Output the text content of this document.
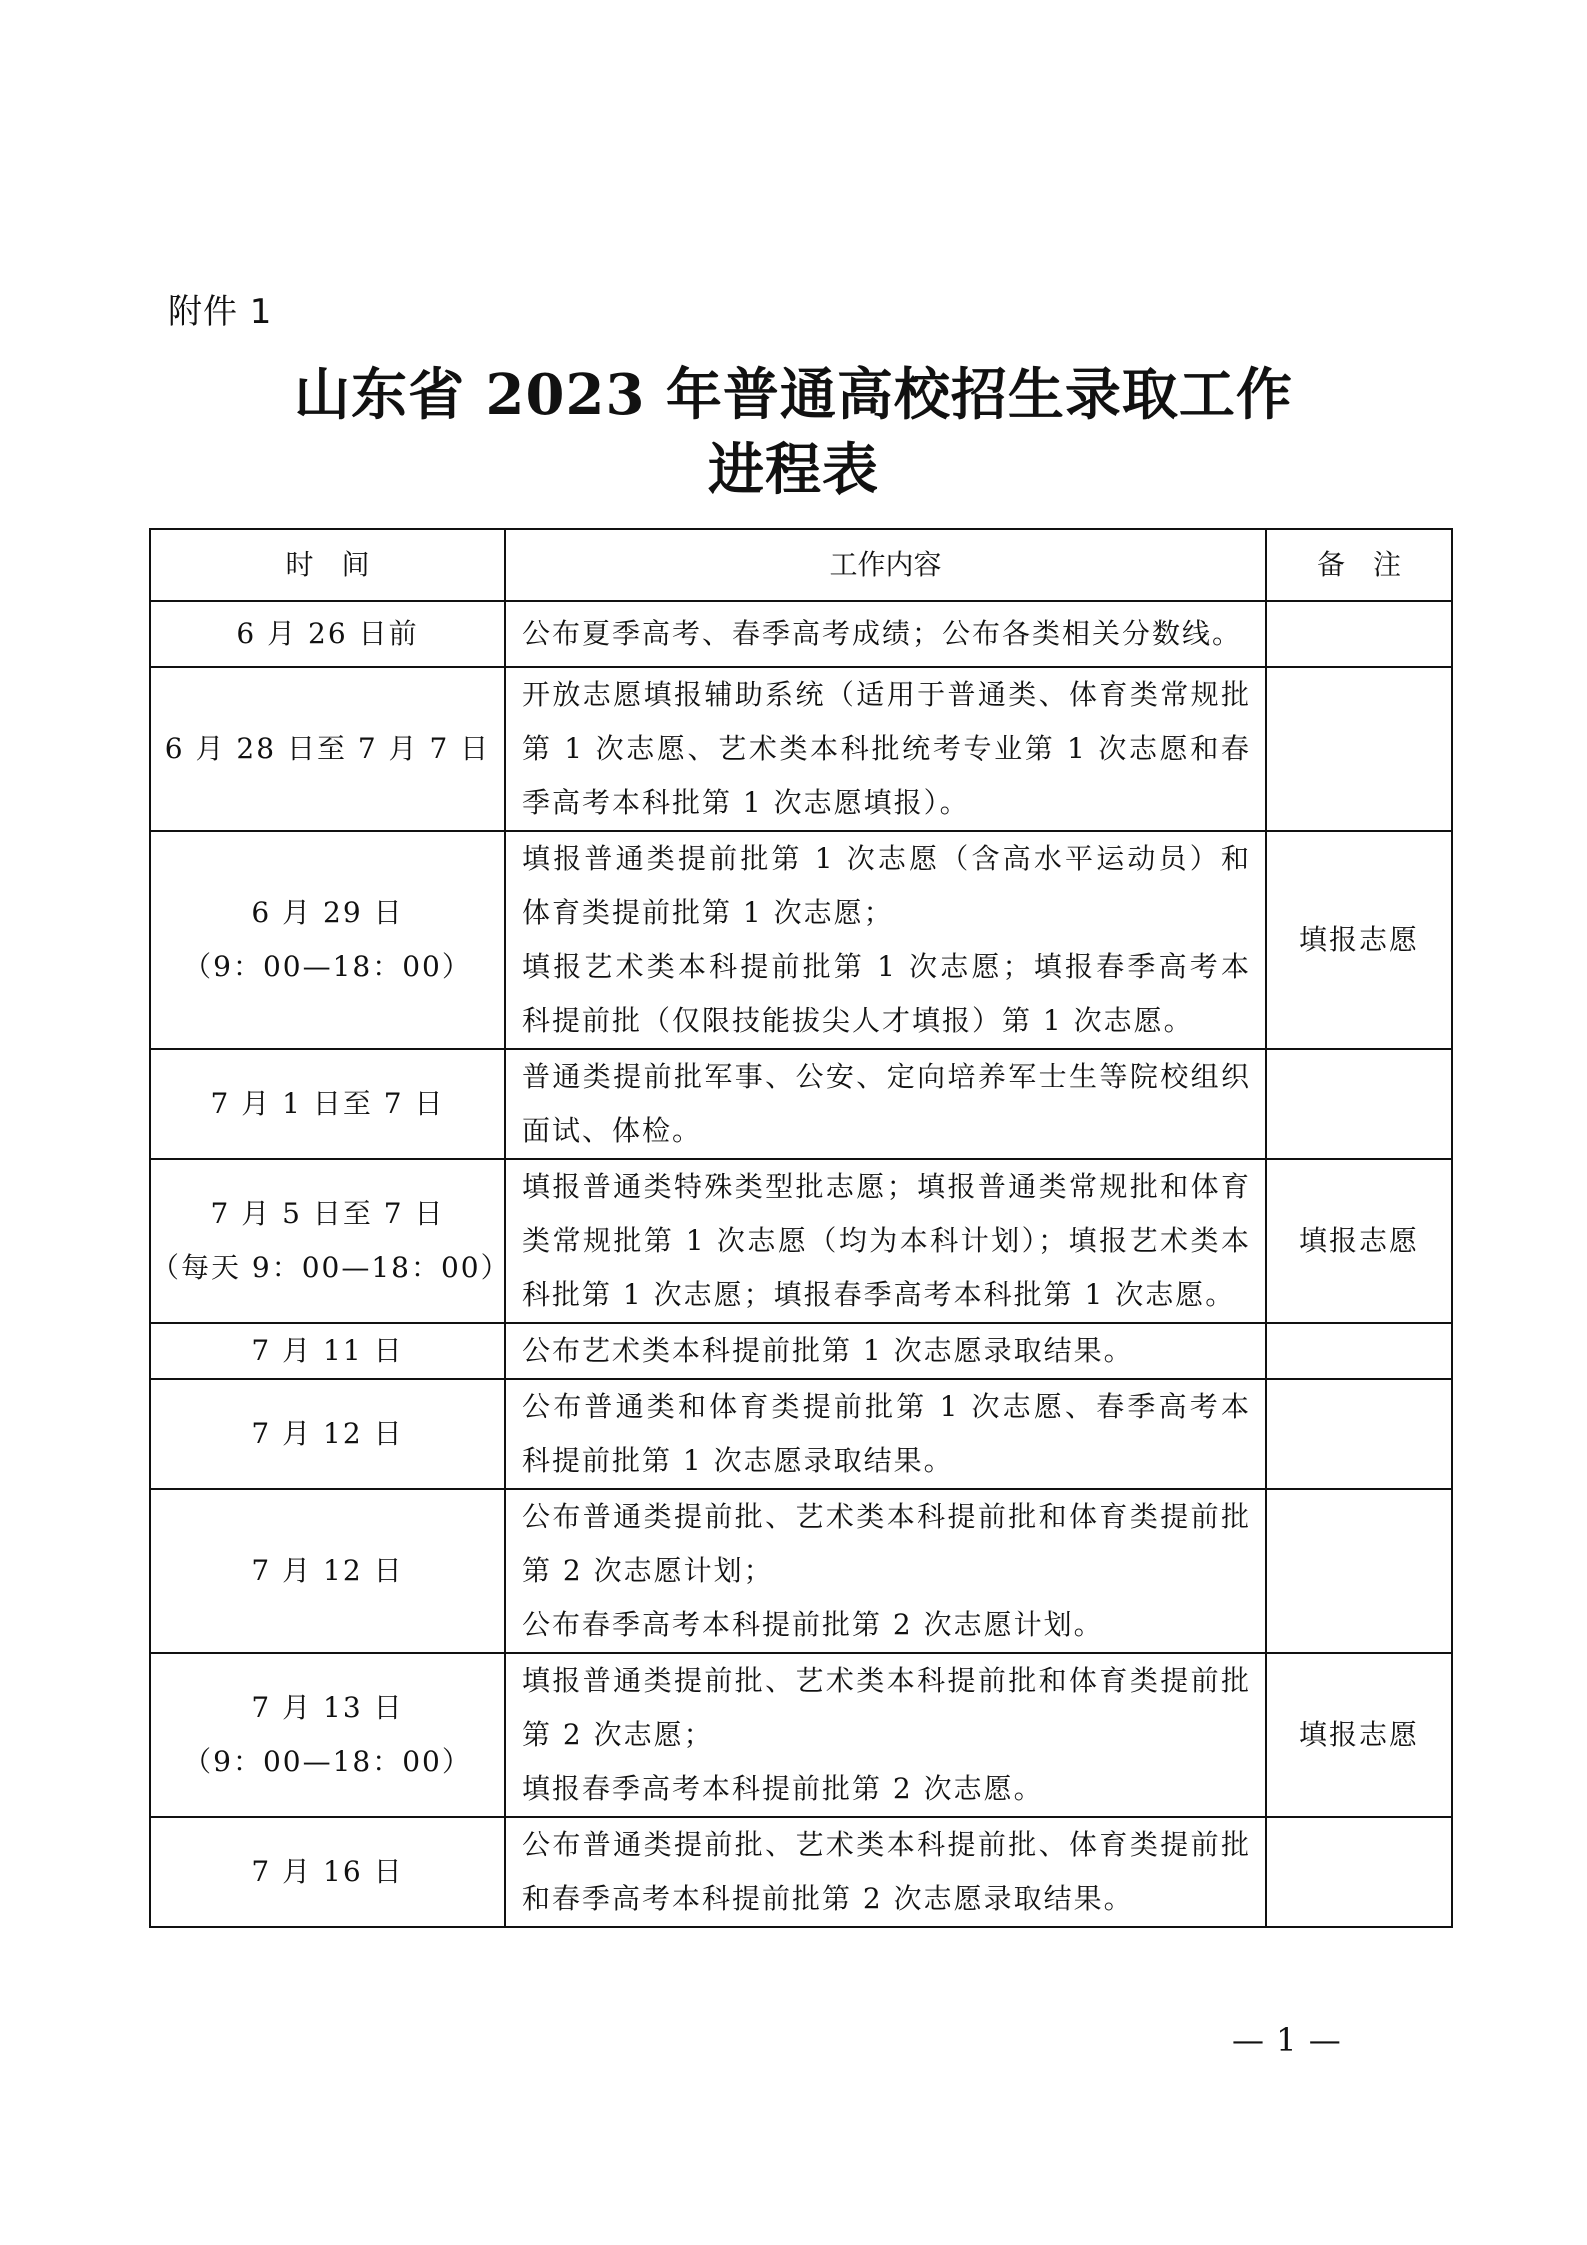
附件 1
山东省 2023 年普通高校招生录取工作
进程表
时　间	工作内容	备　注

6 月 26 日前	公布夏季高考、春季高考成绩；公布各类相关分数线。	

6 月 28 日至 7 月 7 日	开放志愿填报辅助系统（适用于普通类、体育类常规批第 1 次志愿、艺术类本科批统考专业第 1 次志愿和春季高考本科批第 1 次志愿填报）。	

6 月 29 日
（9：00—18：00）	填报普通类提前批第 1 次志愿（含高水平运动员）和体育类提前批第 1 次志愿；
填报艺术类本科提前批第 1 次志愿；填报春季高考本科提前批（仅限技能拔尖人才填报）第 1 次志愿。	填报志愿

7 月 1 日至 7 日	普通类提前批军事、公安、定向培养军士生等院校组织面试、体检。	

7 月 5 日至 7 日
（每天 9：00—18：00）	填报普通类特殊类型批志愿；填报普通类常规批和体育类常规批第 1 次志愿（均为本科计划）；填报艺术类本科批第 1 次志愿；填报春季高考本科批第 1 次志愿。	填报志愿

7 月 11 日	公布艺术类本科提前批第 1 次志愿录取结果。	

7 月 12 日	公布普通类和体育类提前批第 1 次志愿、春季高考本科提前批第 1 次志愿录取结果。	

7 月 12 日	公布普通类提前批、艺术类本科提前批和体育类提前批第 2 次志愿计划；
公布春季高考本科提前批第 2 次志愿计划。	

7 月 13 日
（9：00—18：00）	填报普通类提前批、艺术类本科提前批和体育类提前批第 2 次志愿；
填报春季高考本科提前批第 2 次志愿。	填报志愿

7 月 16 日	公布普通类提前批、艺术类本科提前批、体育类提前批和春季高考本科提前批第 2 次志愿录取结果。	

— 1 —
